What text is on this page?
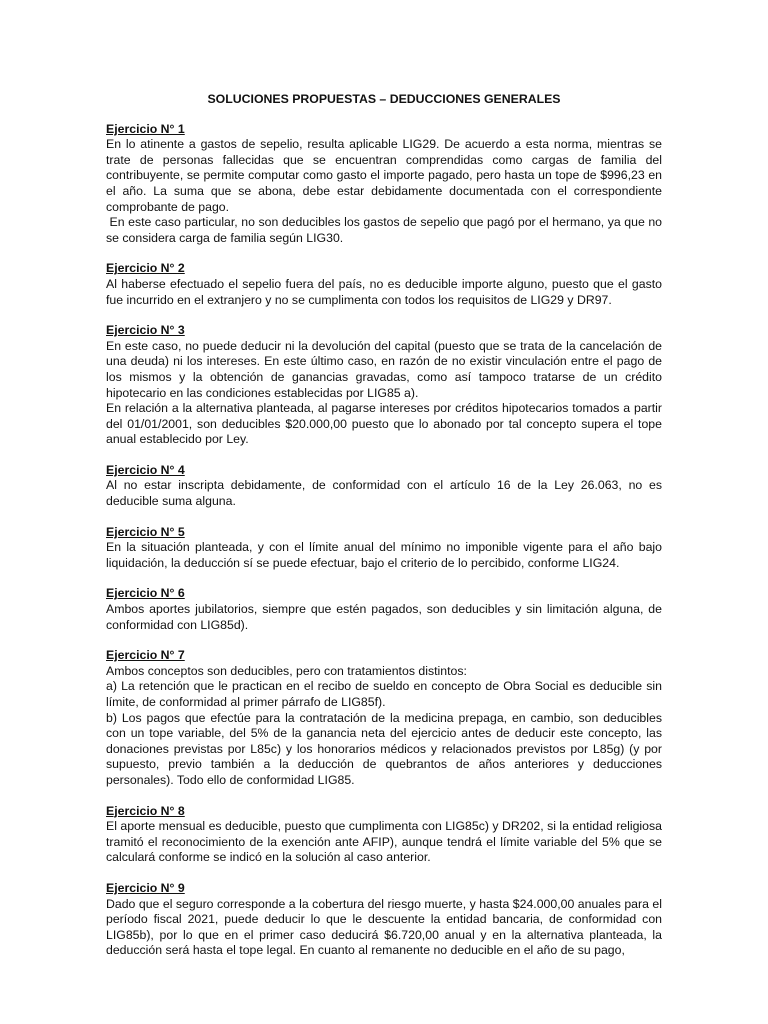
SOLUCIONES PROPUESTAS – DEDUCCIONES GENERALES

Ejercicio N° 1

En lo atinente a gastos de sepelio, resulta aplicable LIG29. De acuerdo a esta norma, mientras se trate de personas fallecidas que se encuentran comprendidas como cargas de familia del contribuyente, se permite computar como gasto el importe pagado, pero hasta un tope de $996,23 en el año. La suma que se abona, debe estar debidamente documentada con el correspondiente comprobante de pago.

En este caso particular, no son deducibles los gastos de sepelio que pagó por el hermano, ya que no se considera carga de familia según LIG30.

Ejercicio N° 2

Al haberse efectuado el sepelio fuera del país, no es deducible importe alguno, puesto que el gasto fue incurrido en el extranjero y no se cumplimenta con todos los requisitos de LIG29 y DR97.

Ejercicio N° 3

En este caso, no puede deducir ni la devolución del capital (puesto que se trata de la cancelación de una deuda) ni los intereses. En este último caso, en razón de no existir vinculación entre el pago de los mismos y la obtención de ganancias gravadas, como así tampoco tratarse de un crédito hipotecario en las condiciones establecidas por LIG85 a).

En relación a la alternativa planteada, al pagarse intereses por créditos hipotecarios tomados a partir del 01/01/2001, son deducibles $20.000,00 puesto que lo abonado por tal concepto supera el tope anual establecido por Ley.

Ejercicio N° 4

Al no estar inscripta debidamente, de conformidad con el artículo 16 de la Ley 26.063, no es deducible suma alguna.

Ejercicio N° 5

En la situación planteada, y con el límite anual del mínimo no imponible vigente para el año bajo liquidación, la deducción sí se puede efectuar, bajo el criterio de lo percibido, conforme LIG24.

Ejercicio N° 6

Ambos aportes jubilatorios, siempre que estén pagados, son deducibles y sin limitación alguna, de conformidad con LIG85d).

Ejercicio N° 7

Ambos conceptos son deducibles, pero con tratamientos distintos:

a) La retención que le practican en el recibo de sueldo en concepto de Obra Social es deducible sin límite, de conformidad al primer párrafo de LIG85f).

b) Los pagos que efectúe para la contratación de la medicina prepaga, en cambio, son deducibles con un tope variable, del 5% de la ganancia neta del ejercicio antes de deducir este concepto, las donaciones previstas por L85c) y los honorarios médicos y relacionados previstos por L85g) (y por supuesto, previo también a la deducción de quebrantos de años anteriores y deducciones personales). Todo ello de conformidad LIG85.

Ejercicio N° 8

El aporte mensual es deducible, puesto que cumplimenta con LIG85c) y DR202, si la entidad religiosa tramitó el reconocimiento de la exención ante AFIP), aunque tendrá el límite variable del 5% que se calculará conforme se indicó en la solución al caso anterior.

Ejercicio N° 9

Dado que el seguro corresponde a la cobertura del riesgo muerte, y hasta $24.000,00 anuales para el período fiscal 2021, puede deducir lo que le descuente la entidad bancaria, de conformidad con LIG85b), por lo que en el primer caso deducirá $6.720,00 anual y en la alternativa planteada, la deducción será hasta el tope legal. En cuanto al remanente no deducible en el año de su pago,
